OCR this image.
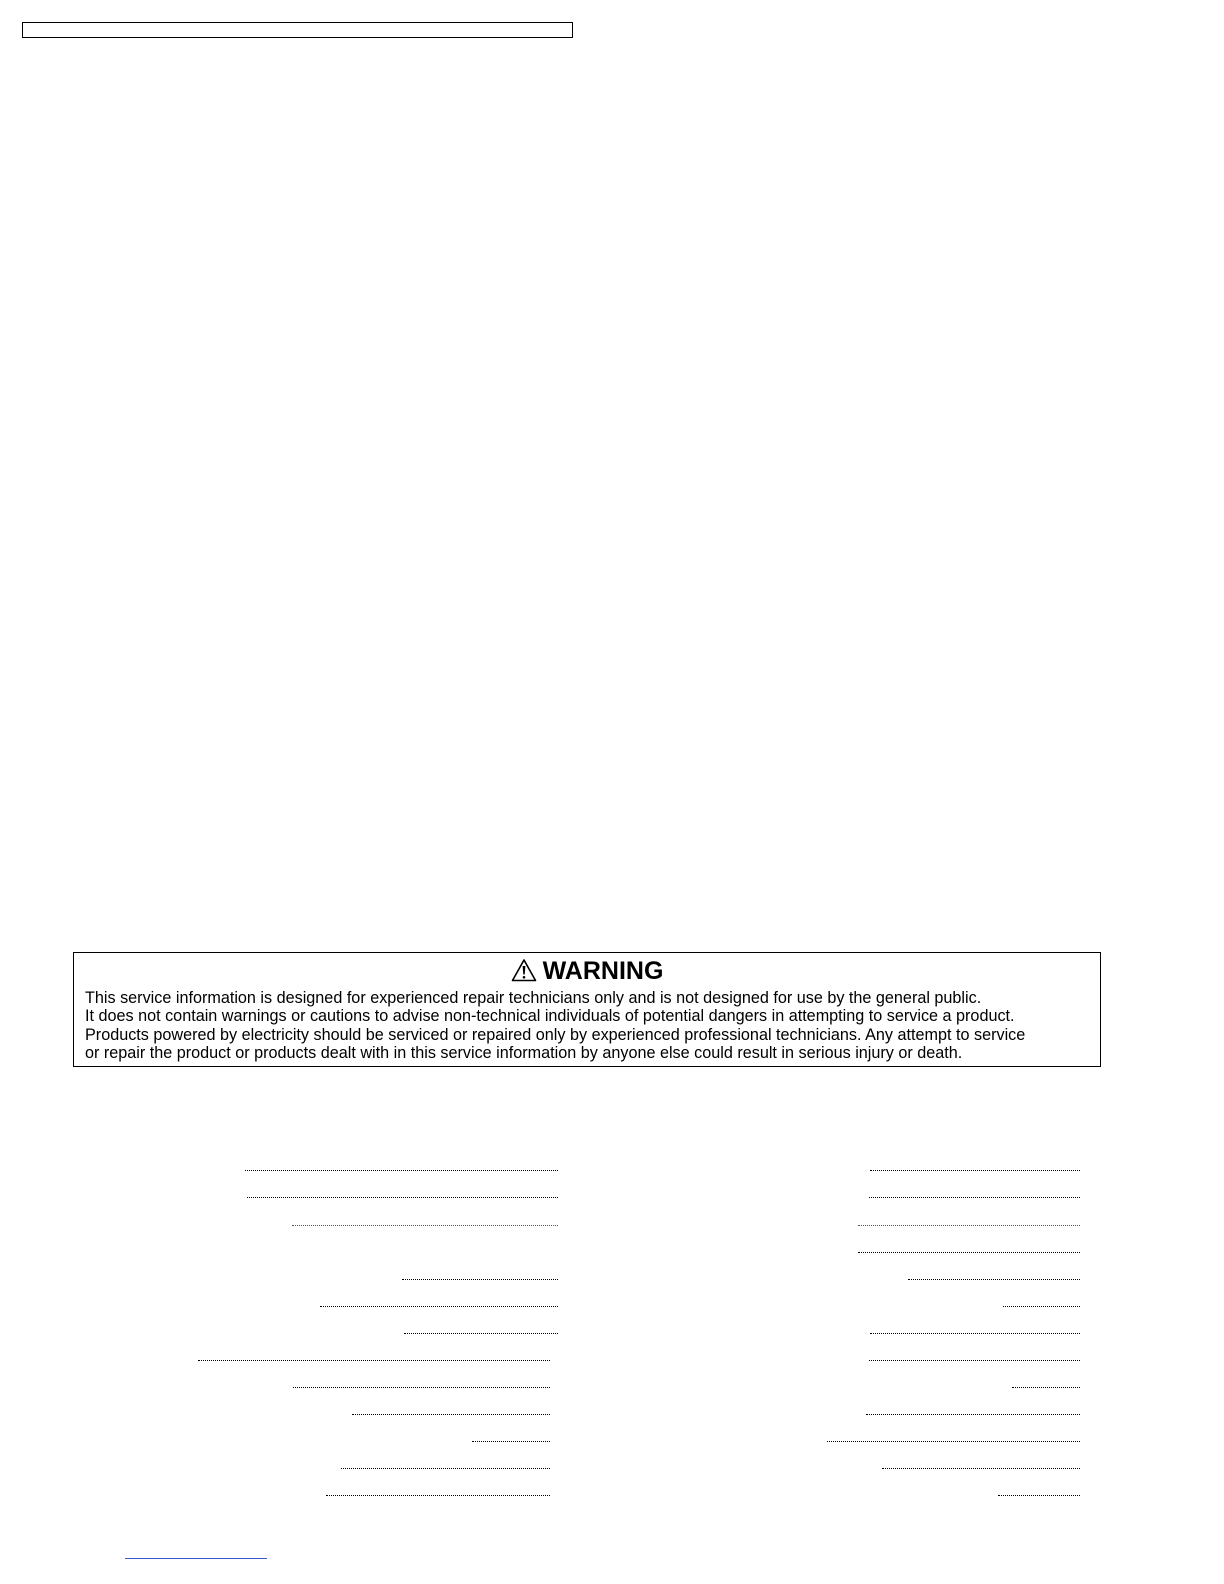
WARNING
This service information is designed for experienced repair technicians only and is not designed for use by the general public.
It does not contain warnings or cautions to advise non-technical individuals of potential dangers in attempting to service a product.
Products powered by electricity should be serviced or repaired only by experienced professional technicians. Any attempt to service
or repair the product or products dealt with in this service information by anyone else could result in serious injury or death.
